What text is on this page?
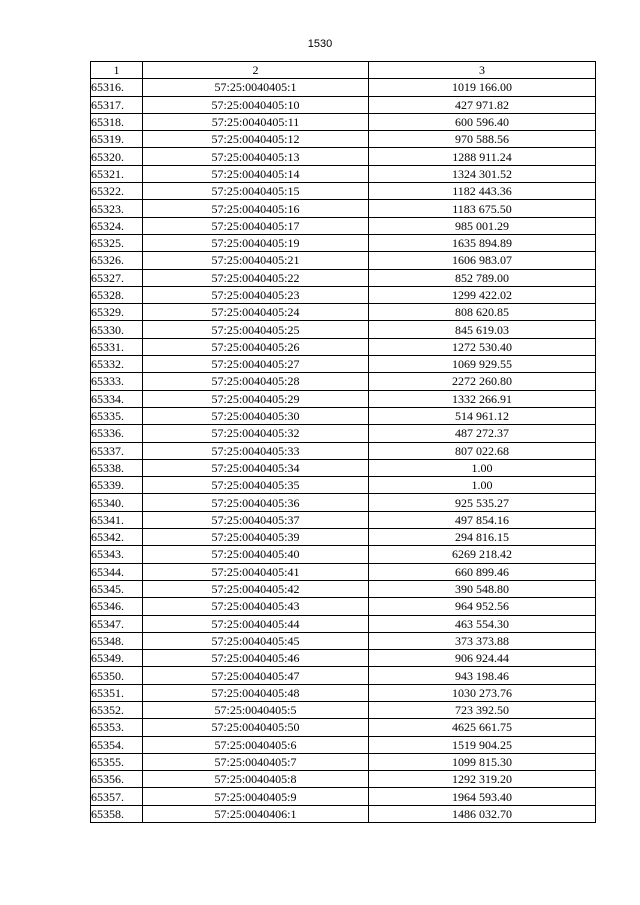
1530
1	2	3
65316.	57:25:0040405:1	1019 166.00
65317.	57:25:0040405:10	427 971.82
65318.	57:25:0040405:11	600 596.40
65319.	57:25:0040405:12	970 588.56
65320.	57:25:0040405:13	1288 911.24
65321.	57:25:0040405:14	1324 301.52
65322.	57:25:0040405:15	1182 443.36
65323.	57:25:0040405:16	1183 675.50
65324.	57:25:0040405:17	985 001.29
65325.	57:25:0040405:19	1635 894.89
65326.	57:25:0040405:21	1606 983.07
65327.	57:25:0040405:22	852 789.00
65328.	57:25:0040405:23	1299 422.02
65329.	57:25:0040405:24	808 620.85
65330.	57:25:0040405:25	845 619.03
65331.	57:25:0040405:26	1272 530.40
65332.	57:25:0040405:27	1069 929.55
65333.	57:25:0040405:28	2272 260.80
65334.	57:25:0040405:29	1332 266.91
65335.	57:25:0040405:30	514 961.12
65336.	57:25:0040405:32	487 272.37
65337.	57:25:0040405:33	807 022.68
65338.	57:25:0040405:34	1.00
65339.	57:25:0040405:35	1.00
65340.	57:25:0040405:36	925 535.27
65341.	57:25:0040405:37	497 854.16
65342.	57:25:0040405:39	294 816.15
65343.	57:25:0040405:40	6269 218.42
65344.	57:25:0040405:41	660 899.46
65345.	57:25:0040405:42	390 548.80
65346.	57:25:0040405:43	964 952.56
65347.	57:25:0040405:44	463 554.30
65348.	57:25:0040405:45	373 373.88
65349.	57:25:0040405:46	906 924.44
65350.	57:25:0040405:47	943 198.46
65351.	57:25:0040405:48	1030 273.76
65352.	57:25:0040405:5	723 392.50
65353.	57:25:0040405:50	4625 661.75
65354.	57:25:0040405:6	1519 904.25
65355.	57:25:0040405:7	1099 815.30
65356.	57:25:0040405:8	1292 319.20
65357.	57:25:0040405:9	1964 593.40
65358.	57:25:0040406:1	1486 032.70
